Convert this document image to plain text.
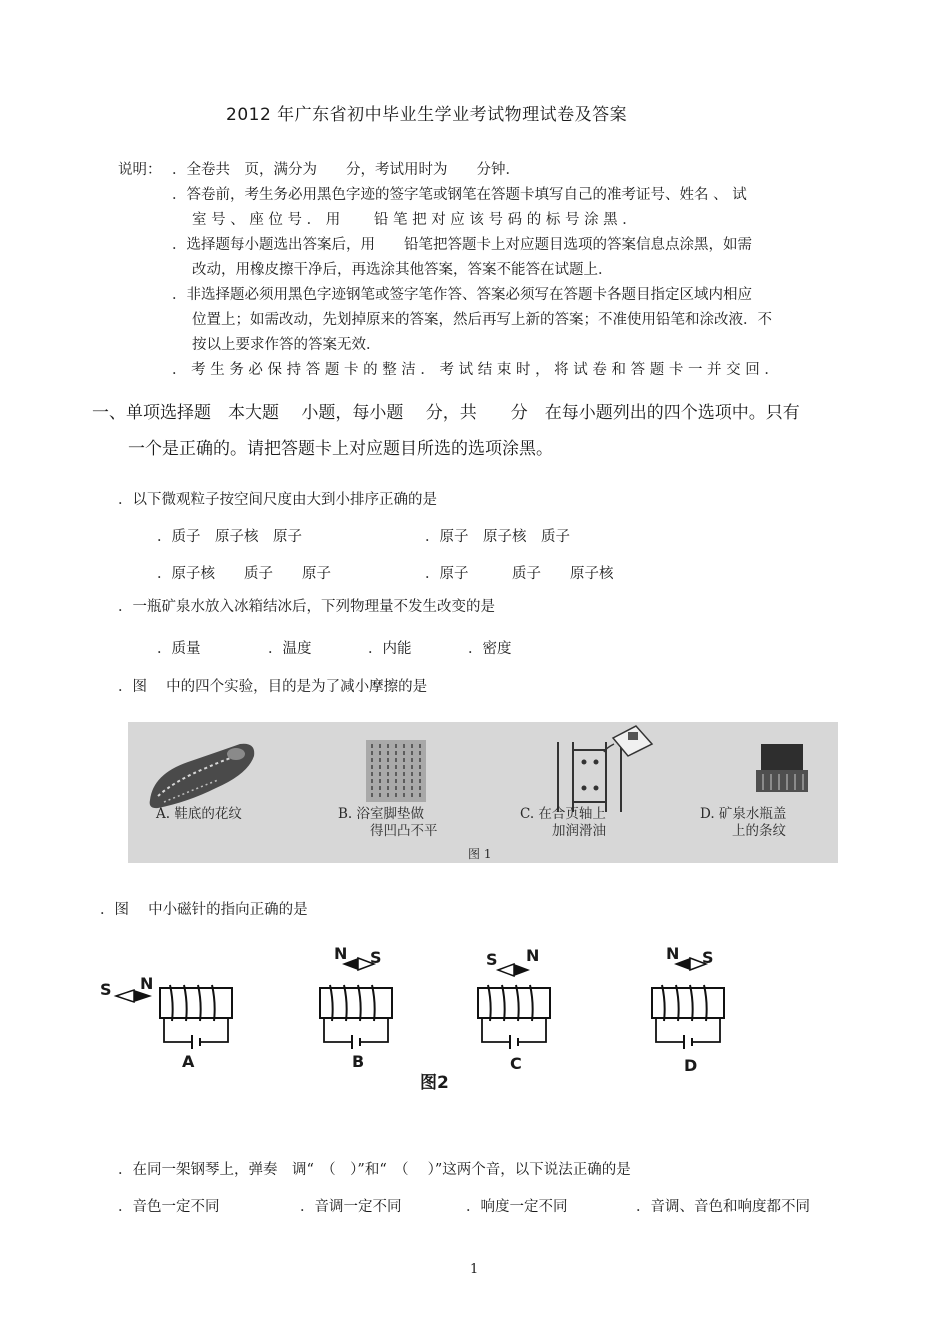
2012 年广东省初中毕业生学业考试物理试卷及答案
说明： ．全卷共　页，满分为　　分，考试用时为　　分钟．
．答卷前，考生务必用黑色字迹的签字笔或钢笔在答题卡填写自己的准考证号、姓名 、 试
室 号 、 座 位 号 ． 用　　 铅 笔 把 对 应 该 号 码 的 标 号 涂 黑 ．
．选择题每小题选出答案后，用　　铅笔把答题卡上对应题目选项的答案信息点涂黑，如需
改动，用橡皮擦干净后，再选涂其他答案，答案不能答在试题上．
．非选择题必须用黑色字迹钢笔或签字笔作答、答案必须写在答题卡各题目指定区域内相应
位置上；如需改动，先划掉原来的答案，然后再写上新的答案；不准使用铅笔和涂改液．不
按以上要求作答的答案无效．
． 考 生 务 必 保 持 答 题 卡 的 整 洁 ． 考 试 结 束 时 ， 将 试 卷 和 答 题 卡 一 并 交 回 ．
一、单项选择题　本大题　 小题，每小题　 分，共　　分　在每小题列出的四个选项中。只有
一个是正确的。请把答题卡上对应题目所选的选项涂黑。
．以下微观粒子按空间尺度由大到小排序正确的是
．质子　原子核　原子	．原子　原子核　质子
．原子核　　质子　　原子	．原子　　　质子　　原子核
．一瓶矿泉水放入冰箱结冰后，下列物理量不发生改变的是
．质量	．温度	．内能	．密度
．图　 中的四个实验，目的是为了减小摩擦的是
A. 鞋底的花纹	B. 浴室脚垫做
得凹凸不平
C. 在合页轴上
加润滑油
D. 矿泉水瓶盖
上的条纹
图 1
．图　 中小磁针的指向正确的是
S N
A
N S
B
S N
C
N S
D
图2
．在同一架钢琴上，弹奏　调“　（　）”和“　（　 ）”这两个音，以下说法正确的是
．音色一定不同	．音调一定不同	．响度一定不同	．音调、音色和响度都不同
1
